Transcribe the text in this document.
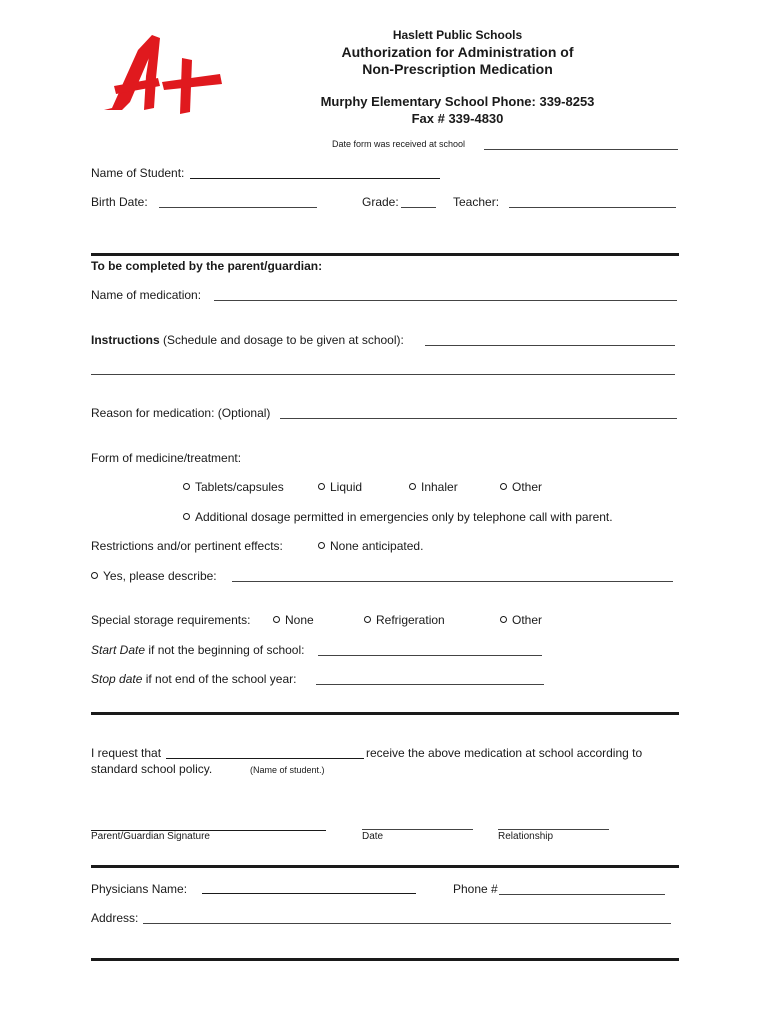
Haslett Public Schools
Authorization for Administration of
Non-Prescription Medication
Murphy Elementary School Phone: 339-8253
Fax # 339-4830
Date form was received at school
Name of Student:
Birth Date:	Grade:	Teacher:
To be completed by the parent/guardian:
Name of medication:
Instructions (Schedule and dosage to be given at school):
Reason for medication: (Optional)
Form of medicine/treatment:
Tablets/capsules	Liquid	Inhaler	Other
Additional dosage permitted in emergencies only by telephone call with parent.
Restrictions and/or pertinent effects:	None anticipated.
Yes, please describe:
Special storage requirements:	None	Refrigeration	Other
Start Date if not the beginning of school:
Stop date if not end of the school year:
I request that	receive the above medication at school according to
standard school policy.	(Name of student.)
Parent/Guardian Signature	Date	Relationship
Physicians Name:	Phone #
Address:
